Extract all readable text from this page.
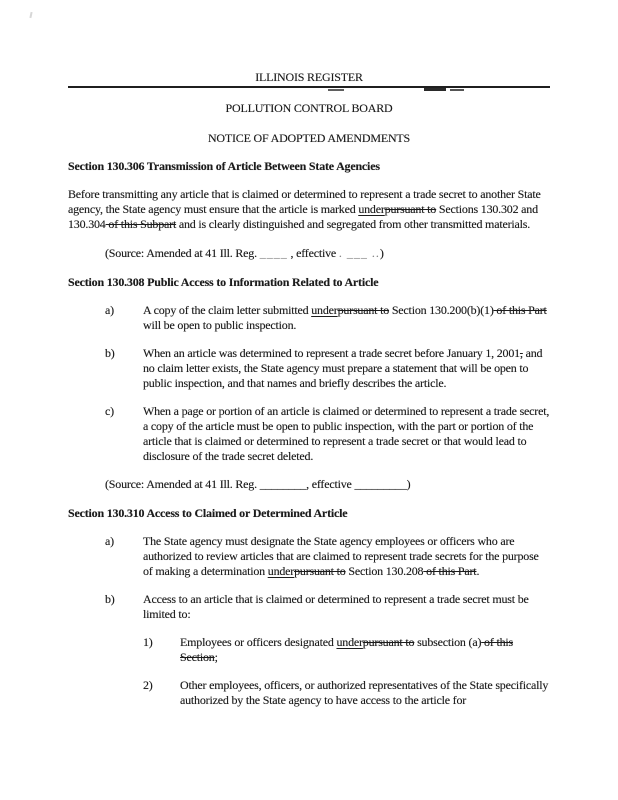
ILLINOIS REGISTER
POLLUTION CONTROL BOARD
NOTICE OF ADOPTED AMENDMENTS
Section 130.306 Transmission of Article Between State Agencies
Before transmitting any article that is claimed or determined to represent a trade secret to another State agency, the State agency must ensure that the article is marked underpursuant to Sections 130.302 and 130.304 of this Subpart and is clearly distinguished and segregated from other transmitted materials.
(Source: Amended at 41 Ill. Reg. ____ , effective . ___ ..)
Section 130.308 Public Access to Information Related to Article
a) A copy of the claim letter submitted underpursuant to Section 130.200(b)(1) of this Part will be open to public inspection.
b) When an article was determined to represent a trade secret before January 1, 2001, and no claim letter exists, the State agency must prepare a statement that will be open to public inspection, and that names and briefly describes the article.
c) When a page or portion of an article is claimed or determined to represent a trade secret, a copy of the article must be open to public inspection, with the part or portion of the article that is claimed or determined to represent a trade secret or that would lead to disclosure of the trade secret deleted.
(Source: Amended at 41 Ill. Reg. ________, effective _________)
Section 130.310 Access to Claimed or Determined Article
a) The State agency must designate the State agency employees or officers who are authorized to review articles that are claimed to represent trade secrets for the purpose of making a determination underpursuant to Section 130.208 of this Part.
b) Access to an article that is claimed or determined to represent a trade secret must be limited to:
1) Employees or officers designated underpursuant to subsection (a) of this Section;
2) Other employees, officers, or authorized representatives of the State specifically authorized by the State agency to have access to the article for
